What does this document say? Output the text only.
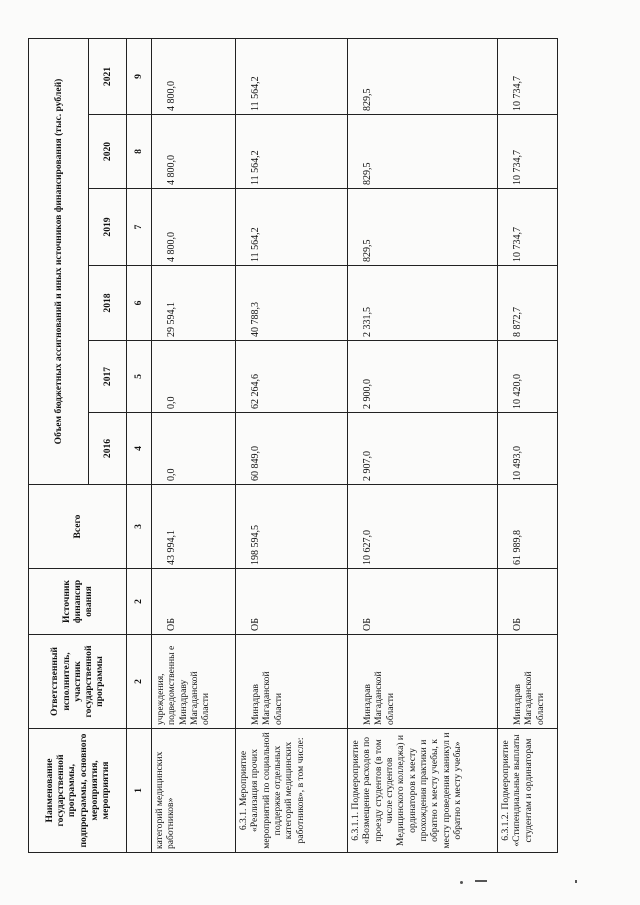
Наименование государственной программы, подпрограммы, основного мероприятия, мероприятия	Ответственный исполнитель, участник государственной программы	Источник финансир ования	Всего	Объем бюджетных ассигнований и иных источников финансирования (тыс. рублей)					
				2016	2017	2018	2019	2020	2021
1	2	2	3	4	5	6	7	8	9
категорий медицинских работников»	учреждения, подведомственны е Минздраву Магаданской области	ОБ	43 994,1	0,0	0,0	29 594,1	4 800,0	4 800,0	4 800,0

6.3.1. Мероприятие «Реализация прочих мероприятий по социальной поддержке отдельных категорий медицинских работников», в том числе:	Минздрав Магаданской области	ОБ	198 594,5	60 849,0	62 264,6	40 788,3	11 564,2	11 564,2	11 564,2

6.3.1.1. Подмероприятие «Возмещение расходов по проезду студентов (в том числе студентов Медицинского колледжа) и ординаторов к месту прохождения практики и обратно к месту учебы, к месту проведения каникул и обратно к месту учебы»	Минздрав Магаданской области	ОБ	10 627,0	2 907,0	2 900,0	2 331,5	829,5	829,5	829,5

6.3.1.2. Подмероприятие «Стипендиальные выплаты студентам и ординаторам	Минздрав Магаданской области	ОБ	61 989,8	10 493,0	10 420,0	8 872,7	10 734,7	10 734,7	10 734,7
